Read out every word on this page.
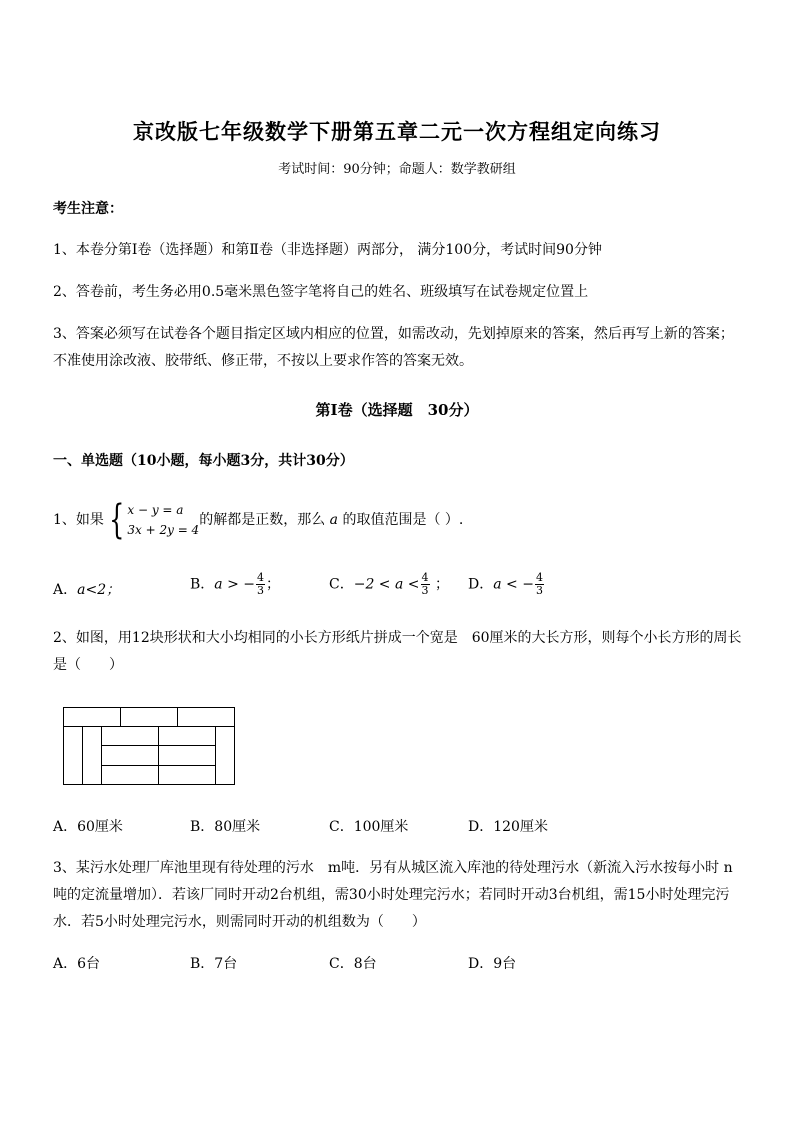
京改版七年级数学下册第五章二元一次方程组定向练习
考试时间：90分钟；命题人：数学教研组
考生注意：
1、本卷分第Ⅰ卷（选择题）和第Ⅱ卷（非选择题）两部分， 满分100分，考试时间90分钟
2、答卷前，考生务必用0.5毫米黑色签字笔将自己的姓名、班级填写在试卷规定位置上
3、答案必须写在试卷各个题目指定区域内相应的位置，如需改动，先划掉原来的答案，然后再写上新的答案；不准使用涂改液、胶带纸、修正带，不按以上要求作答的答案无效。
第Ⅰ卷（选择题　30分）
一、单选题（10小题，每小题3分，共计30分）
1、如果 { x − y = a
3x + 2y = 4
的解都是正数，那么 a 的取值范围是（ ）.
A．a<2；	B．a > − $\frac{4}{3}$ ；	C．$-2 < a < \frac{4}{3}$ ； D．a < − $\frac{4}{3}$
2、如图，用12块形状和大小均相同的小长方形纸片拼成一个宽是　60厘米的大长方形，则每个小长方形的周长是（　　）
A．60厘米	B．80厘米	C．100厘米	D．120厘米
3、某污水处理厂库池里现有待处理的污水　m吨．另有从城区流入库池的待处理污水（新流入污水按每小时 n吨的定流量增加）．若该厂同时开动2台机组，需30小时处理完污水；若同时开动3台机组，需15小时处理完污水．若5小时处理完污水，则需同时开动的机组数为（　　）
A．6台	B．7台	C．8台	D．9台
